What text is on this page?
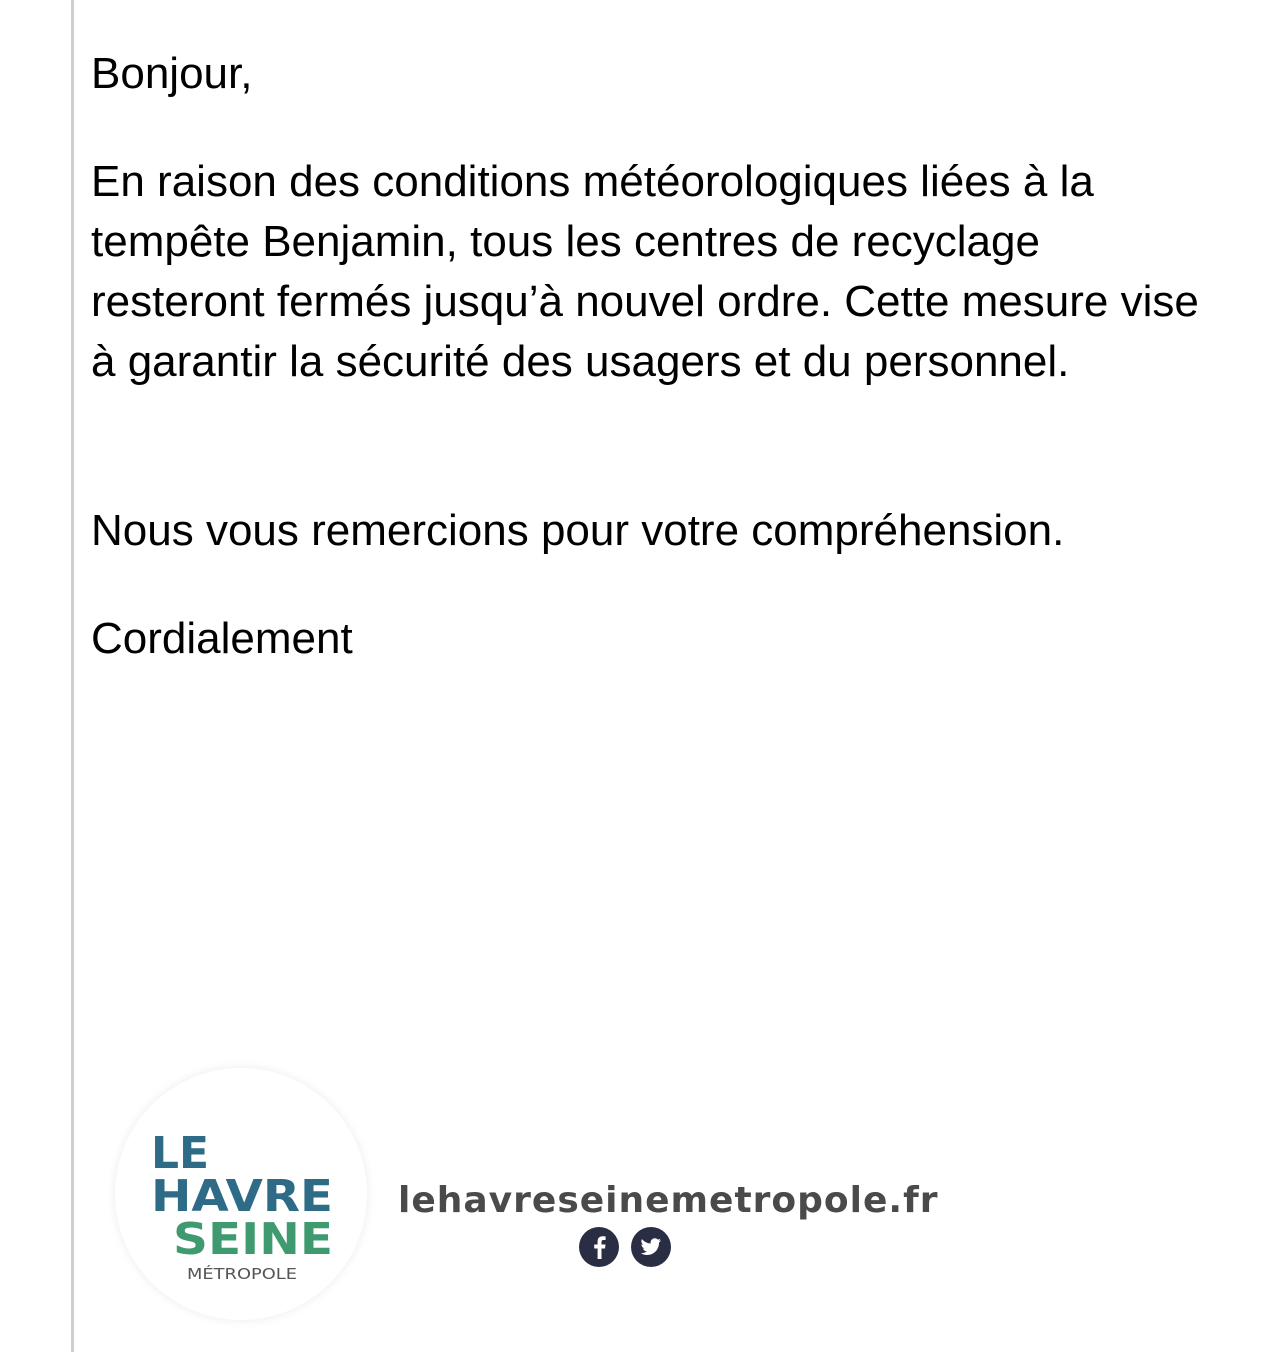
Bonjour,

En raison des conditions météorologiques liées à la tempête Benjamin, tous les centres de recyclage resteront fermés jusqu’à nouvel ordre. Cette mesure vise à garantir la sécurité des usagers et du personnel.

Nous vous remercions pour votre compréhension.

Cordialement

LE
HAVRE
SEINE
MÉTROPOLE
lehavreseinemetropole.fr
